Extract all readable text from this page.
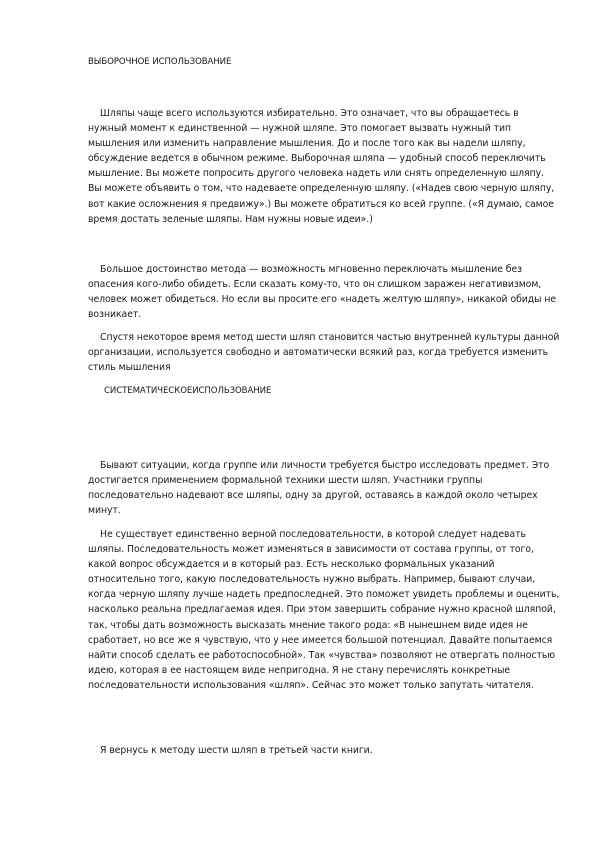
ВЫБОРОЧНОЕ ИСПОЛЬЗОВАНИЕ

Шляпы чаще всего используются избирательно. Это означает, что вы обращаетесь в нужный момент к единственной — нужной шляпе. Это помогает вызвать нужный тип мышления или изменить направление мышления. До и после того как вы надели шляпу, обсуждение ведется в обычном режиме. Выборочная шляпа — удобный способ переключить мышление. Вы можете попросить другого человека надеть или снять определенную шляпу. Вы можете объявить о том, что надеваете определенную шляпу. («Надев свою черную шляпу, вот какие осложнения я предвижу».) Вы можете обратиться ко всей группе. («Я думаю, самое время достать зеленые шляпы. Нам нужны новые идеи».)

Большое достоинство метода — возможность мгновенно переключать мышление без опасения кого-либо обидеть. Если сказать кому-то, что он слишком заражен негативизмом, человек может обидеться. Но если вы просите его «надеть желтую шляпу», никакой обиды не возникает.

Спустя некоторое время метод шести шляп становится частью внутренней культуры данной организации, используется свободно и автоматически всякий раз, когда требуется изменить стиль мышления

СИСТЕМАТИЧЕСКОЕИСПОЛЬЗОВАНИЕ

Бывают ситуации, когда группе или личности требуется быстро исследовать предмет. Это достигается применением формальной техники шести шляп. Участники группы последовательно надевают все шляпы, одну за другой, оставаясь в каждой около четырех минут.

Не существует единственно верной последовательности, в которой следует надевать шляпы. Последовательность может изменяться в зависимости от состава группы, от того, какой вопрос обсуждается и в который раз. Есть несколько формальных указаний относительно того, какую последовательность нужно выбрать. Например, бывают случаи, когда черную шляпу лучше надеть предпоследней. Это поможет увидеть проблемы и оценить, насколько реальна предлагаемая идея. При этом завершить собрание нужно красной шляпой, так, чтобы дать возможность высказать мнение такого рода: «В нынешнем виде идея не сработает, но все же я чувствую, что у нее имеется большой потенциал. Давайте попытаемся найти способ сделать ее работоспособной». Так «чувства» позволяют не отвергать полностью идею, которая в ее настоящем виде непригодна. Я не стану перечислять конкретные последовательности использования «шляп». Сейчас это может только запутать читателя.

Я вернусь к методу шести шляп в третьей части книги.
